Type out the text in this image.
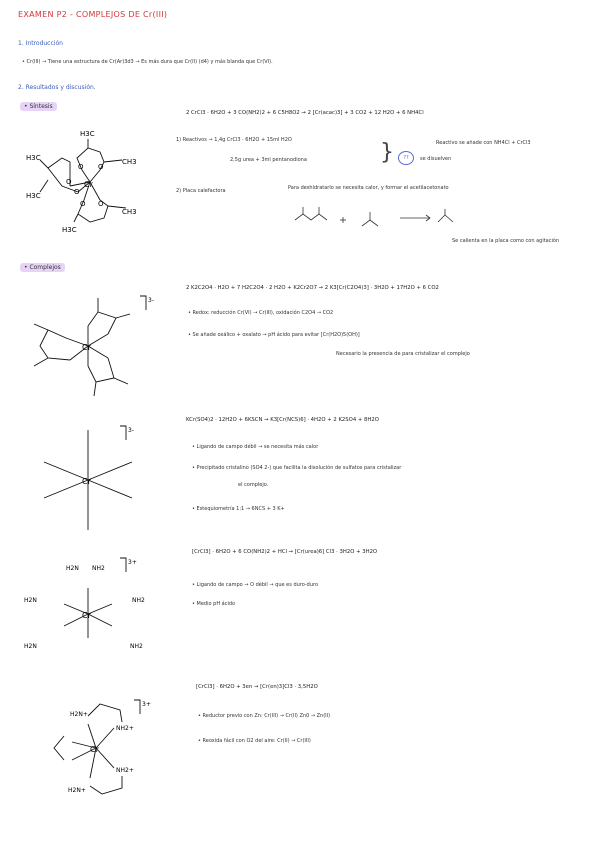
EXAMEN P2 - COMPLEJOS DE Cr(III)
1. Introducción
• Cr(III) → Tiene una estructura de Cr(Ar)3d3 → Es más dura que Cr(II) (d4) y más blanda que Cr(VI).
2. Resultados y discusión.
• Síntesis
2 CrCl3 · 6H2O + 3 CO(NH2)2 + 6 C5H8O2 → 2 [Cr(acac)3] + 3 CO2 + 12 H2O + 6 NH4Cl
1) Reactivos → 1,4g CrCl3 · 6H2O + 15ml H2O
2,5g urea + 3ml pentanodiona	}	??
Reactivo se añade con NH4Cl + CrCl3
se disuelven
2) Placa calefactora	Para deshidratarlo se necesita calor, y formar el acetilacetonato
Se calienta en la placa como con agitación
Cr
O O
O
O O
O
H3C
CH3
H3C
H3C
H3C
CH3
• Complejos
Cr
3-
2 K2C2O4 · H2O + 7 H2C2O4 · 2 H2O + K2Cr2O7 → 2 K3[Cr(C2O4)3] · 3H2O + 17H2O + 6 CO2
• Redox: reducción Cr(VI) → Cr(III), oxidación C2O4 → CO2
• Se añade oxálico + oxalato → pH ácido para evitar [Cr(H2O)5(OH)]
Necesario la presencia de para cristalizar el complejo
Cr
3-
KCr(SO4)2 · 12H2O + 6KSCN → K3[Cr(NCS)6] · 4H2O + 2 K2SO4 + 8H2O
• Ligando de campo débil → se necesita más calor
• Precipitado cristalino (SO4 2-) que facilita la disolución de sulfatos para cristalizar
el complejo.
• Estequiometría 1:1 → 6NCS + 3 K+
Cr
3+
H2N NH2
H2N	NH2
H2N	NH2
[CrCl3] · 6H2O + 6 CO(NH2)2 + HCl → [Cr(urea)6] Cl3 · 3H2O + 3H2O
• Ligando de campo → O débil → que es duro-duro
• Medio pH ácido
Cr
3+
H2N+
NH2+
NH2+
H2N+
[CrCl3] · 6H2O + 3en → [Cr(en)3]Cl3 · 3,5H2O
• Reductor previo con Zn: Cr(III) → Cr(II) Zn0 → Zn(II)
• Reoxida fácil con O2 del aire: Cr(II) → Cr(III)
